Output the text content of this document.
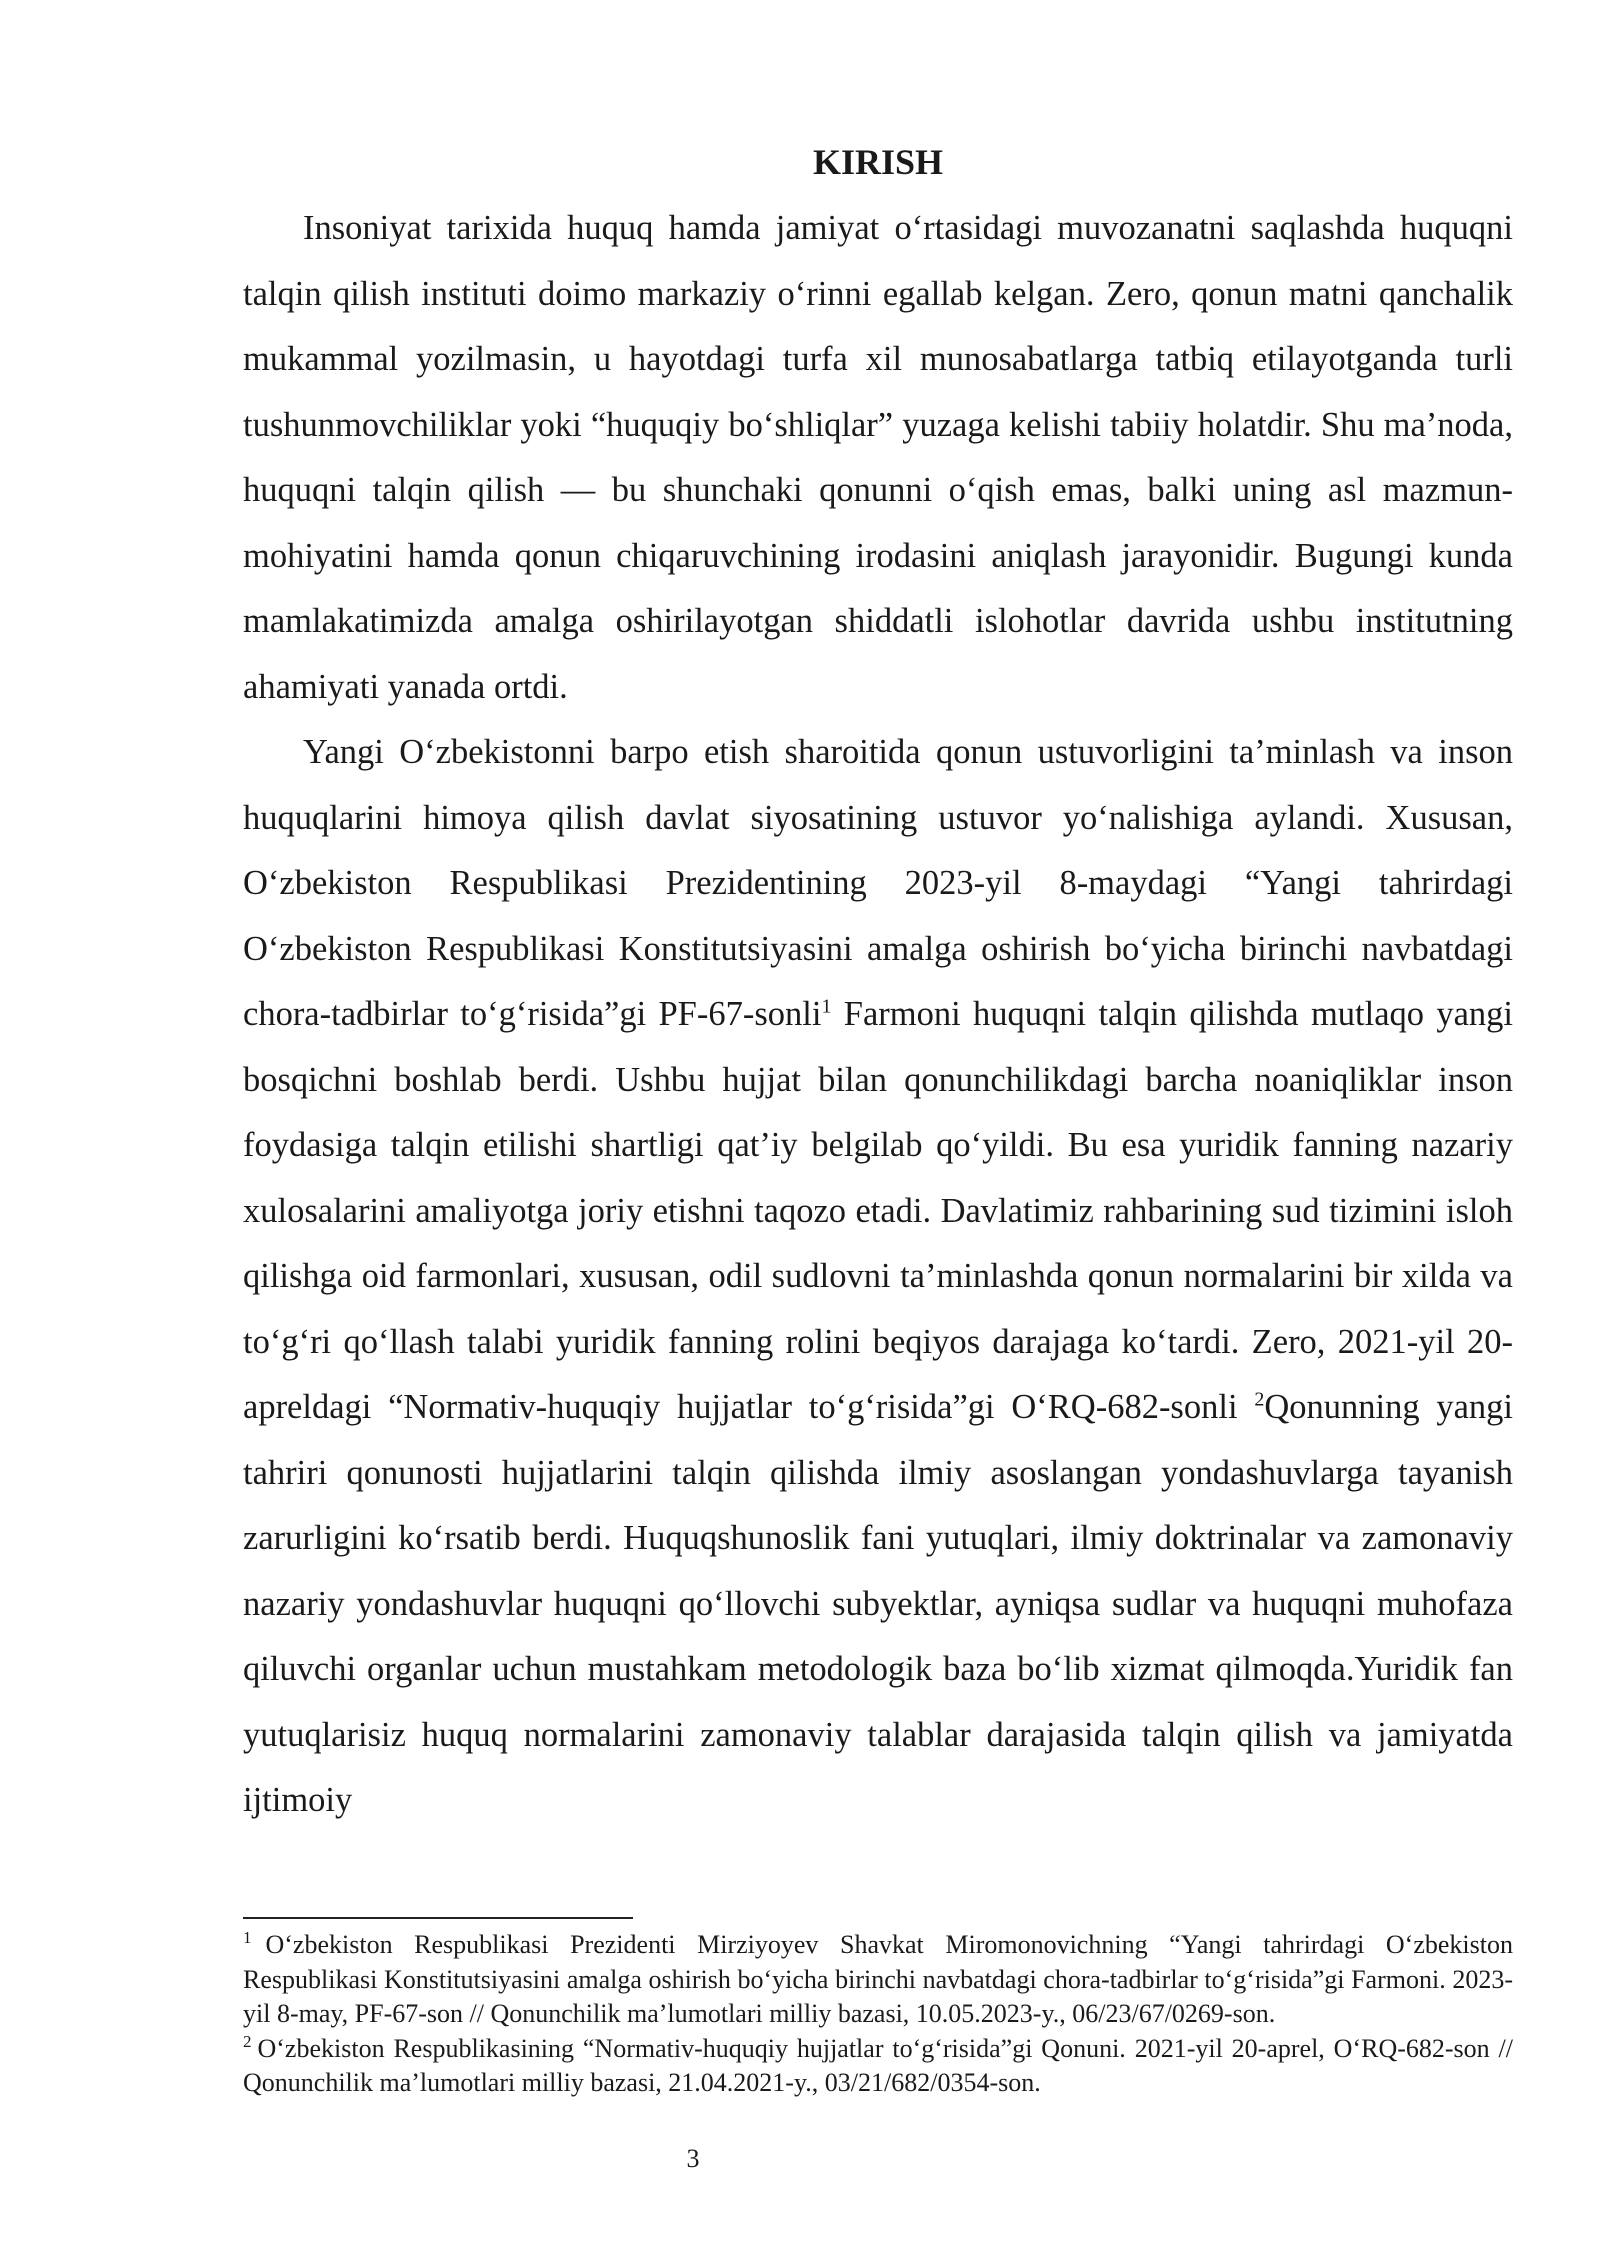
KIRISH

Insoniyat tarixida huquq hamda jamiyat o‘rtasidagi muvozanatni saqlashda huquqni talqin qilish instituti doimo markaziy o‘rinni egallab kelgan. Zero, qonun matni qanchalik mukammal yozilmasin, u hayotdagi turfa xil munosabatlarga tatbiq etilayotganda turli tushunmovchiliklar yoki “huquqiy bo‘shliqlar” yuzaga kelishi tabiiy holatdir. Shu ma’noda, huquqni talqin qilish — bu shunchaki qonunni o‘qish emas, balki uning asl mazmun-mohiyatini hamda qonun chiqaruvchining irodasini aniqlash jarayonidir. Bugungi kunda mamlakatimizda amalga oshirilayotgan shiddatli islohotlar davrida ushbu institutning ahamiyati yanada ortdi.

Yangi O‘zbekistonni barpo etish sharoitida qonun ustuvorligini ta’minlash va inson huquqlarini himoya qilish davlat siyosatining ustuvor yo‘nalishiga aylandi. Xususan, O‘zbekiston Respublikasi Prezidentining 2023-yil 8-maydagi “Yangi tahrirdagi O‘zbekiston Respublikasi Konstitutsiyasini amalga oshirish bo‘yicha birinchi navbatdagi chora-tadbirlar to‘g‘risida”gi PF-67-sonli$^1$ Farmoni huquqni talqin qilishda mutlaqo yangi bosqichni boshlab berdi. Ushbu hujjat bilan qonunchilikdagi barcha noaniqliklar inson foydasiga talqin etilishi shartligi qat’iy belgilab qo‘yildi. Bu esa yuridik fanning nazariy xulosalarini amaliyotga joriy etishni taqozo etadi. Davlatimiz rahbarining sud tizimini isloh qilishga oid farmonlari, xususan, odil sudlovni ta’minlashda qonun normalarini bir xilda va to‘g‘ri qo‘llash talabi yuridik fanning rolini beqiyos darajaga ko‘tardi. Zero, 2021-yil 20-apreldagi “Normativ-huquqiy hujjatlar to‘g‘risida”gi O‘RQ-682-sonli $^2$Qonunning yangi tahriri qonunosti hujjatlarini talqin qilishda ilmiy asoslangan yondashuvlarga tayanish zarurligini ko‘rsatib berdi. Huquqshunoslik fani yutuqlari, ilmiy doktrinalar va zamonaviy nazariy yondashuvlar huquqni qo‘llovchi subyektlar, ayniqsa sudlar va huquqni muhofaza qiluvchi organlar uchun mustahkam metodologik baza bo‘lib xizmat qilmoqda.Yuridik fan yutuqlarisiz huquq normalarini zamonaviy talablar darajasida talqin qilish va jamiyatda ijtimoiy

$^1$ O‘zbekiston Respublikasi Prezidenti Mirziyoyev Shavkat Miromonovichning “Yangi tahrirdagi O‘zbekiston Respublikasi Konstitutsiyasini amalga oshirish bo‘yicha birinchi navbatdagi chora-tadbirlar to‘g‘risida”gi Farmoni. 2023-yil 8-may, PF-67-son // Qonunchilik ma’lumotlari milliy bazasi, 10.05.2023-y., 06/23/67/0269-son.

$^2$ O‘zbekiston Respublikasining “Normativ-huquqiy hujjatlar to‘g‘risida”gi Qonuni. 2021-yil 20-aprel, O‘RQ-682-son // Qonunchilik ma’lumotlari milliy bazasi, 21.04.2021-y., 03/21/682/0354-son.

3
